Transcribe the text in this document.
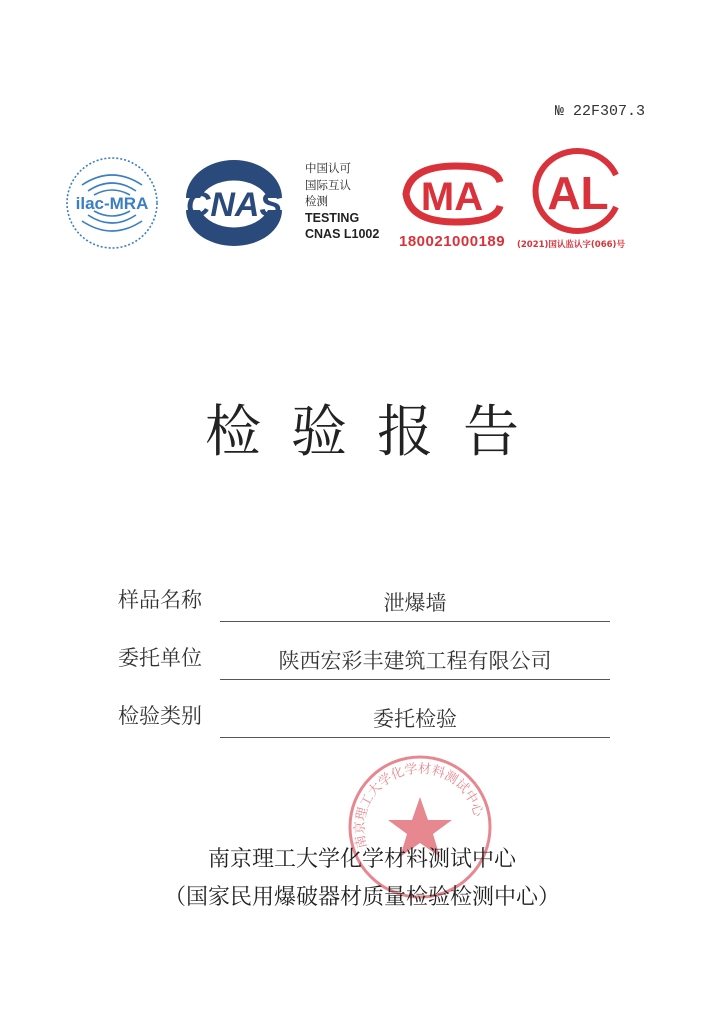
№ 22F307.3
ilac-MRA CNAS
中国认可
国际互认
检测
TESTING
CNAS L1002
MA
180021000189
AL
(2021)国认监认字(066)号
检验报告
样品名称	泄爆墙
委托单位	陕西宏彩丰建筑工程有限公司
检验类别	委托检验
南京理工大学化学材料测试中心
南京理工大学化学材料测试中心
（国家民用爆破器材质量检验检测中心）
